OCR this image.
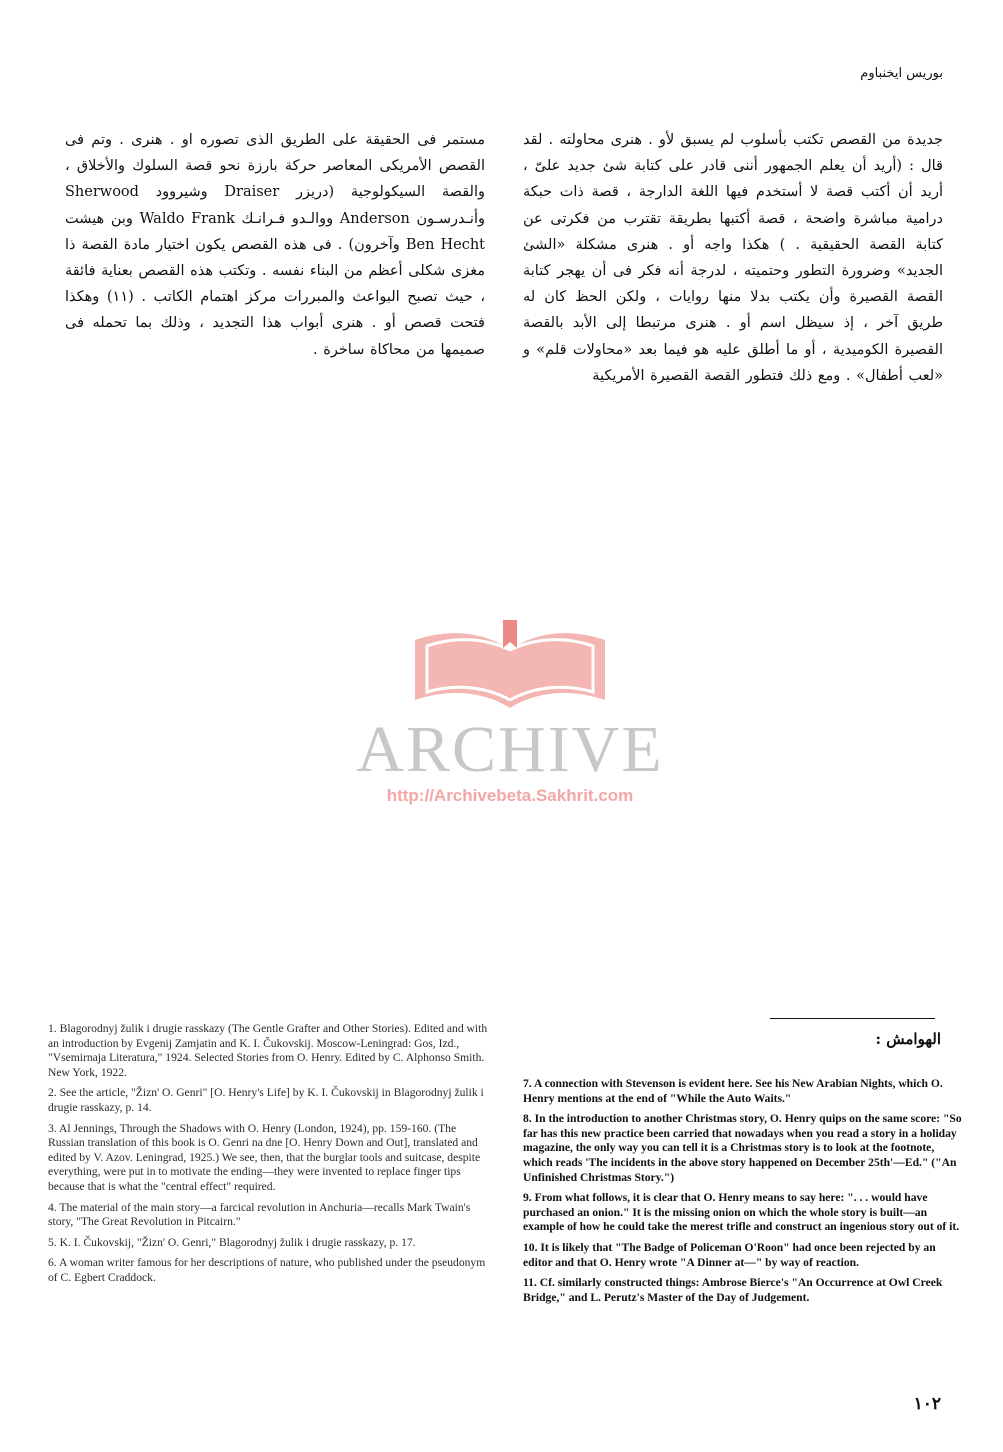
بوريس ايخنباوم

جديدة من القصص تكتب بأسلوب لم يسبق لأو . هنرى محاولته . لقد قال : (أريد أن يعلم الجمهور أننى قادر على كتابة شئ جديد علىّ ، أريد أن أكتب قصة لا أستخدم فيها اللغة الدارجة ، قصة ذات حبكة درامية مباشرة واضحة ، قصة أكتبها بطريقة تقترب من فكرتى عن كتابة القصة الحقيقية . ) هكذا واجه أو . هنرى مشكلة «الشئ الجديد» وضرورة التطور وحتميته ، لدرجة أنه فكر فى أن يهجر كتابة القصة القصيرة وأن يكتب بدلا منها روايات ، ولكن الحظ كان له طريق آخر ، إذ سيظل اسم أو . هنرى مرتبطا إلى الأبد بالقصة القصيرة الكوميدية ، أو ما أطلق عليه هو فيما بعد «محاولات قلم» و «لعب أطفال» . ومع ذلك فتطور القصة القصيرة الأمريكية

مستمر فى الحقيقة على الطريق الذى تصوره او . هنرى . وتم فى القصص الأمريكى المعاصر حركة بارزة نحو قصة السلوك والأخلاق ، والقصة السيكولوجية (دريزر Draiser وشيروود Sherwood وأنـدرسـون Anderson ووالـدو فـرانـك Waldo Frank وبن هيشت Ben Hecht وآخرون) . فى هذه القصص يكون اختيار مادة القصة ذا مغزى شكلى أعظم من البناء نفسه . وتكتب هذه القصص بعناية فائقة ، حيث تصبح البواعث والمبررات مركز اهتمام الكاتب . (١١) وهكذا فتحت قصص أو . هنرى أبواب هذا التجديد ، وذلك بما تحمله فى صميمها من محاكاة ساخرة .

ARCHIVE
http://Archivebeta.Sakhrit.com
الهوامش :

1. Blagorodnyj žulik i drugie rasskazy (The Gentle Grafter and Other Stories). Edited and with an introduction by Evgenij Zamjatin and K. I. Čukovskij. Moscow-Leningrad: Gos, Izd., "Vsemirnaja Literatura," 1924. Selected Stories from O. Henry. Edited by C. Alphonso Smith. New York, 1922.

2. See the article, "Žizn' O. Genri" [O. Henry's Life] by K. I. Čukovskij in Blagorodnyj žulik i drugie rasskazy, p. 14.

3. Al Jennings, Through the Shadows with O. Henry (London, 1924), pp. 159-160. (The Russian translation of this book is O. Genri na dne [O. Henry Down and Out], translated and edited by V. Azov. Leningrad, 1925.) We see, then, that the burglar tools and suitcase, despite everything, were put in to motivate the ending—they were invented to replace finger tips because that is what the "central effect" required.

4. The material of the main story—a farcical revolution in Anchuria—recalls Mark Twain's story, "The Great Revolution in Pitcairn."

5. K. I. Čukovskij, "Žizn' O. Genri," Blagorodnyj žulik i drugie rasskazy, p. 17.

6. A woman writer famous for her descriptions of nature, who published under the pseudonym of C. Egbert Craddock.

7. A connection with Stevenson is evident here. See his New Arabian Nights, which O. Henry mentions at the end of "While the Auto Waits."

8. In the introduction to another Christmas story, O. Henry quips on the same score: "So far has this new practice been carried that nowadays when you read a story in a holiday magazine, the only way you can tell it is a Christmas story is to look at the footnote, which reads 'The incidents in the above story happened on December 25th'—Ed." ("An Unfinished Christmas Story.")

9. From what follows, it is clear that O. Henry means to say here: ". . . would have purchased an onion." It is the missing onion on which the whole story is built—an example of how he could take the merest trifle and construct an ingenious story out of it.

10. It is likely that "The Badge of Policeman O'Roon" had once been rejected by an editor and that O. Henry wrote "A Dinner at—" by way of reaction.

11. Cf. similarly constructed things: Ambrose Bierce's "An Occurrence at Owl Creek Bridge," and L. Perutz's Master of the Day of Judgement.

١٠٢
